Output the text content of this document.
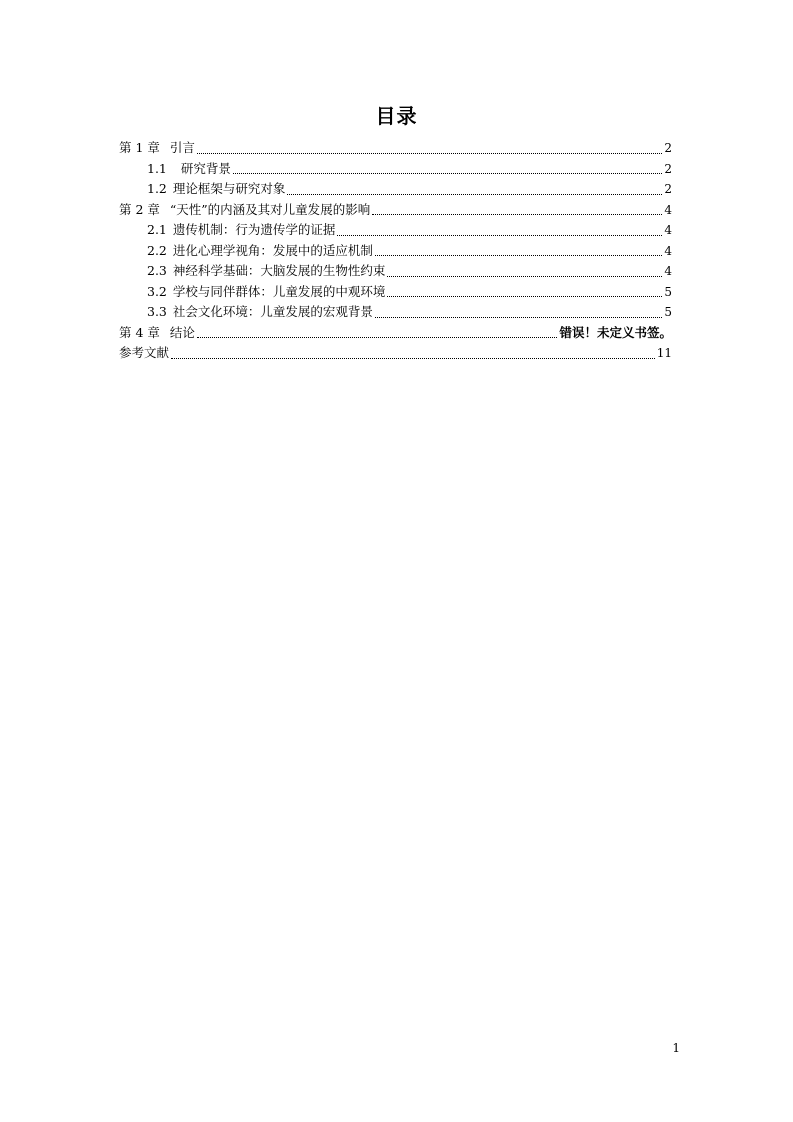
目录
第 1 章 引言	2
1.1	研究背景	2
1.2 理论框架与研究对象	2
第 2 章 “天性”的内涵及其对儿童发展的影响	4
2.1 遗传机制：行为遗传学的证据	4
2.2 进化心理学视角：发展中的适应机制	4
2.3 神经科学基础：大脑发展的生物性约束	4
3.2 学校与同伴群体：儿童发展的中观环境	5
3.3 社会文化环境：儿童发展的宏观背景	5
第 4 章 结论	错误！未定义书签。
参考文献	11
1
